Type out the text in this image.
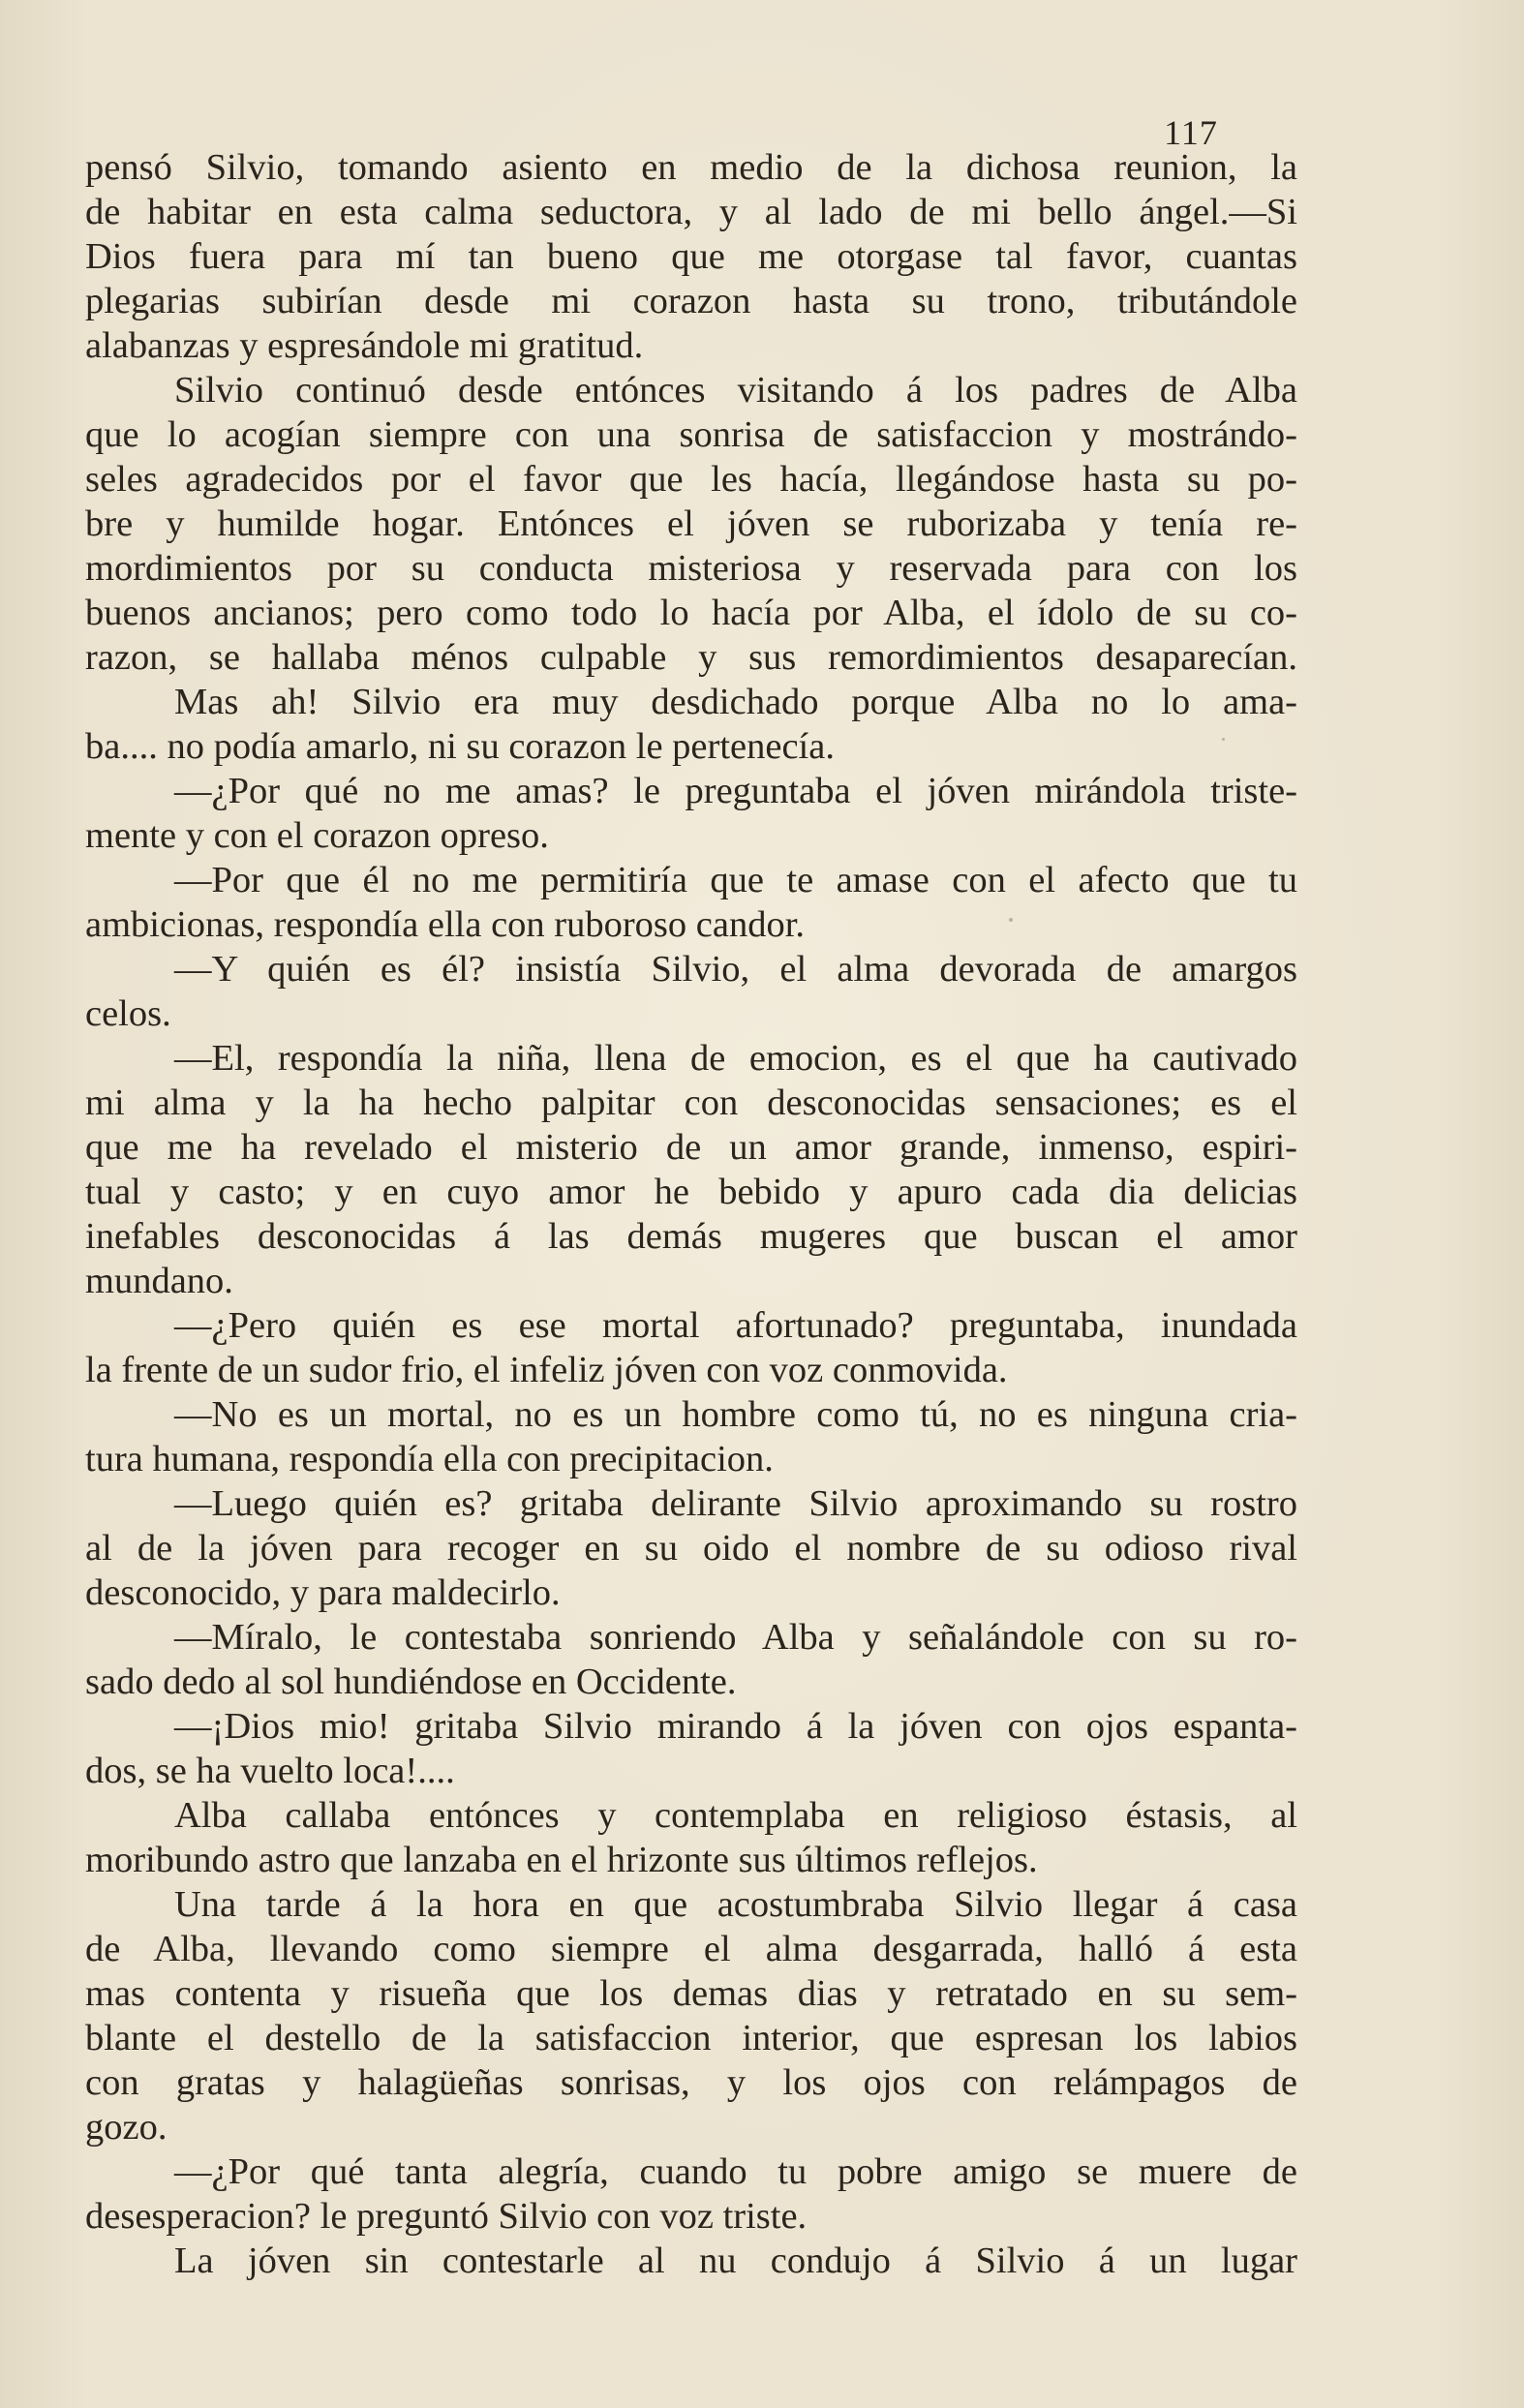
117
pensó Silvio, tomando asiento en medio de la dichosa reunion, la
de habitar en esta calma seductora, y al lado de mi bello ángel.—Si
Dios fuera para mí tan bueno que me otorgase tal favor, cuantas
plegarias subirían desde mi corazon hasta su trono, tributándole
alabanzas y espresándole mi gratitud.
Silvio continuó desde entónces visitando á los padres de Alba
que lo acogían siempre con una sonrisa de satisfaccion y mostrándo-
seles agradecidos por el favor que les hacía, llegándose hasta su po-
bre y humilde hogar. Entónces el jóven se ruborizaba y tenía re-
mordimientos por su conducta misteriosa y reservada para con los
buenos ancianos; pero como todo lo hacía por Alba, el ídolo de su co-
razon, se hallaba ménos culpable y sus remordimientos desaparecían.
Mas ah! Silvio era muy desdichado porque Alba no lo ama-
ba.... no podía amarlo, ni su corazon le pertenecía.
—¿Por qué no me amas? le preguntaba el jóven mirándola triste-
mente y con el corazon opreso.
—Por que él no me permitiría que te amase con el afecto que tu
ambicionas, respondía ella con ruboroso candor.
—Y quién es él? insistía Silvio, el alma devorada de amargos
celos.
—El, respondía la niña, llena de emocion, es el que ha cautivado
mi alma y la ha hecho palpitar con desconocidas sensaciones; es el
que me ha revelado el misterio de un amor grande, inmenso, espiri-
tual y casto; y en cuyo amor he bebido y apuro cada dia delicias
inefables desconocidas á las demás mugeres que buscan el amor
mundano.
—¿Pero quién es ese mortal afortunado? preguntaba, inundada
la frente de un sudor frio, el infeliz jóven con voz conmovida.
—No es un mortal, no es un hombre como tú, no es ninguna cria-
tura humana, respondía ella con precipitacion.
—Luego quién es? gritaba delirante Silvio aproximando su rostro
al de la jóven para recoger en su oido el nombre de su odioso rival
desconocido, y para maldecirlo.
—Míralo, le contestaba sonriendo Alba y señalándole con su ro-
sado dedo al sol hundiéndose en Occidente.
—¡Dios mio! gritaba Silvio mirando á la jóven con ojos espanta-
dos, se ha vuelto loca!....
Alba callaba entónces y contemplaba en religioso éstasis, al
moribundo astro que lanzaba en el hrizonte sus últimos reflejos.
Una tarde á la hora en que acostumbraba Silvio llegar á casa
de Alba, llevando como siempre el alma desgarrada, halló á esta
mas contenta y risueña que los demas dias y retratado en su sem-
blante el destello de la satisfaccion interior, que espresan los labios
con gratas y halagüeñas sonrisas, y los ojos con relámpagos de
gozo.
—¿Por qué tanta alegría, cuando tu pobre amigo se muere de
desesperacion? le preguntó Silvio con voz triste.
La jóven sin contestarle al nu condujo á Silvio á un lugar
